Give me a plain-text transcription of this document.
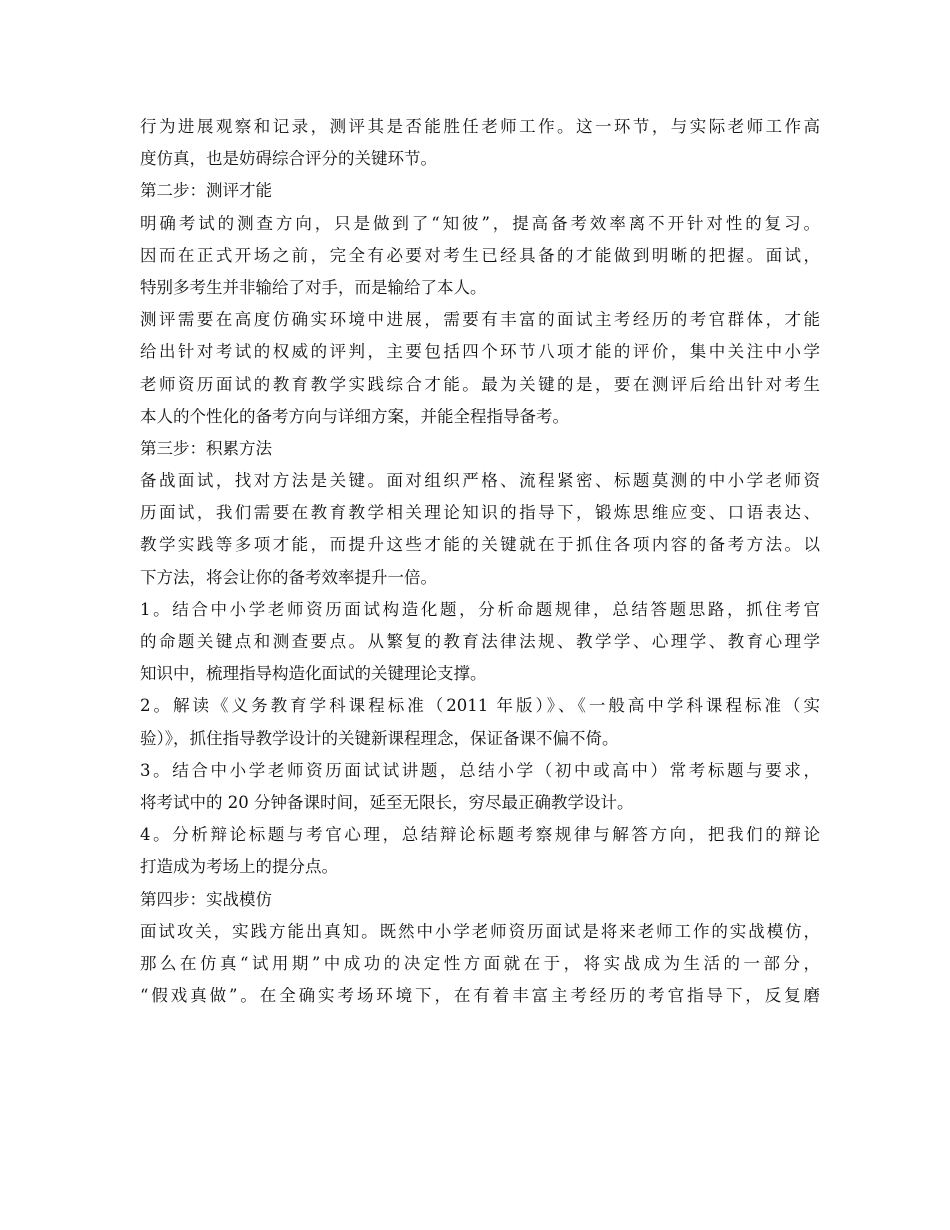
行为进展观察和记录，测评其是否能胜任老师工作。这一环节，与实际老师工作高
度仿真，也是妨碍综合评分的关键环节。
第二步：测评才能
明确考试的测查方向，只是做到了“知彼”，提高备考效率离不开针对性的复习。
因而在正式开场之前，完全有必要对考生已经具备的才能做到明晰的把握。面试，
特别多考生并非输给了对手，而是输给了本人。
测评需要在高度仿确实环境中进展，需要有丰富的面试主考经历的考官群体，才能
给出针对考试的权威的评判，主要包括四个环节八项才能的评价，集中关注中小学
老师资历面试的教育教学实践综合才能。最为关键的是，要在测评后给出针对考生
本人的个性化的备考方向与详细方案，并能全程指导备考。
第三步：积累方法
备战面试，找对方法是关键。面对组织严格、流程紧密、标题莫测的中小学老师资
历面试，我们需要在教育教学相关理论知识的指导下，锻炼思维应变、口语表达、
教学实践等多项才能，而提升这些才能的关键就在于抓住各项内容的备考方法。以
下方法，将会让你的备考效率提升一倍。
1。结合中小学老师资历面试构造化题，分析命题规律，总结答题思路，抓住考官
的命题关键点和测查要点。从繁复的教育法律法规、教学学、心理学、教育心理学
知识中，梳理指导构造化面试的关键理论支撑。
2。解读《义务教育学科课程标准（2011 年版）》、《一般高中学科课程标准（实
验）》，抓住指导教学设计的关键新课程理念，保证备课不偏不倚。
3。结合中小学老师资历面试试讲题，总结小学（初中或高中）常考标题与要求，
将考试中的 20 分钟备课时间，延至无限长，穷尽最正确教学设计。
4。分析辩论标题与考官心理，总结辩论标题考察规律与解答方向，把我们的辩论
打造成为考场上的提分点。
第四步：实战模仿
面试攻关，实践方能出真知。既然中小学老师资历面试是将来老师工作的实战模仿，
那么在仿真“试用期”中成功的决定性方面就在于，将实战成为生活的一部分，
“假戏真做”。在全确实考场环境下，在有着丰富主考经历的考官指导下，反复磨
